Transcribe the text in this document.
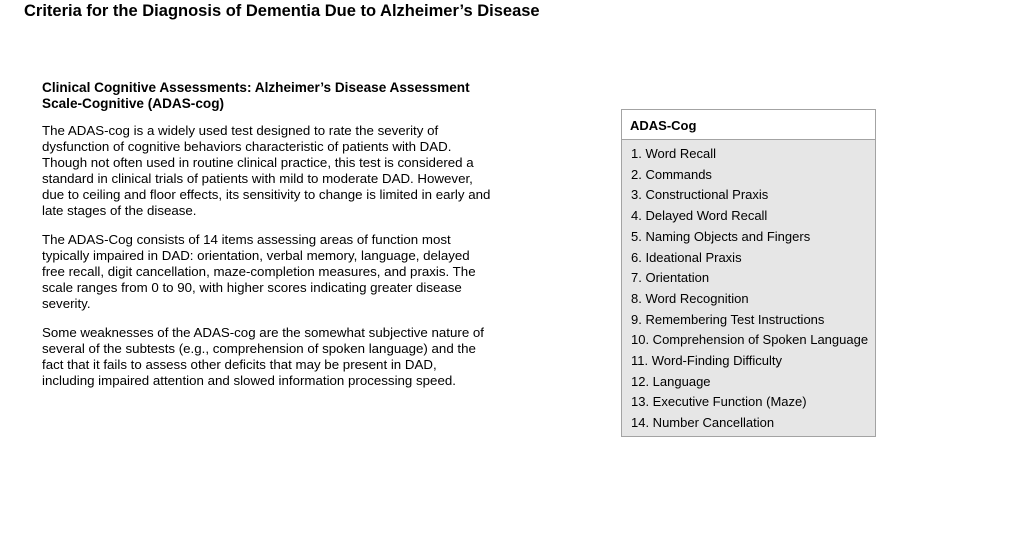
Criteria for the Diagnosis of Dementia Due to Alzheimer’s Disease
Clinical Cognitive Assessments: Alzheimer’s Disease Assessment Scale-Cognitive (ADAS-cog)

The ADAS-cog is a widely used test designed to rate the severity of dysfunction of cognitive behaviors characteristic of patients with DAD. Though not often used in routine clinical practice, this test is considered a standard in clinical trials of patients with mild to moderate DAD. However, due to ceiling and floor effects, its sensitivity to change is limited in early and late stages of the disease.

The ADAS-Cog consists of 14 items assessing areas of function most typically impaired in DAD: orientation, verbal memory, language, delayed free recall, digit cancellation, maze-completion measures, and praxis. The scale ranges from 0 to 90, with higher scores indicating greater disease severity.

Some weaknesses of the ADAS-cog are the somewhat subjective nature of several of the subtests (e.g., comprehension of spoken language) and the fact that it fails to assess other deficits that may be present in DAD, including impaired attention and slowed information processing speed.

ADAS-Cog
1. Word Recall
2. Commands
3. Constructional Praxis
4. Delayed Word Recall
5. Naming Objects and Fingers
6. Ideational Praxis
7. Orientation
8. Word Recognition
9. Remembering Test Instructions
10. Comprehension of Spoken Language
11. Word-Finding Difficulty
12. Language
13. Executive Function (Maze)
14. Number Cancellation
